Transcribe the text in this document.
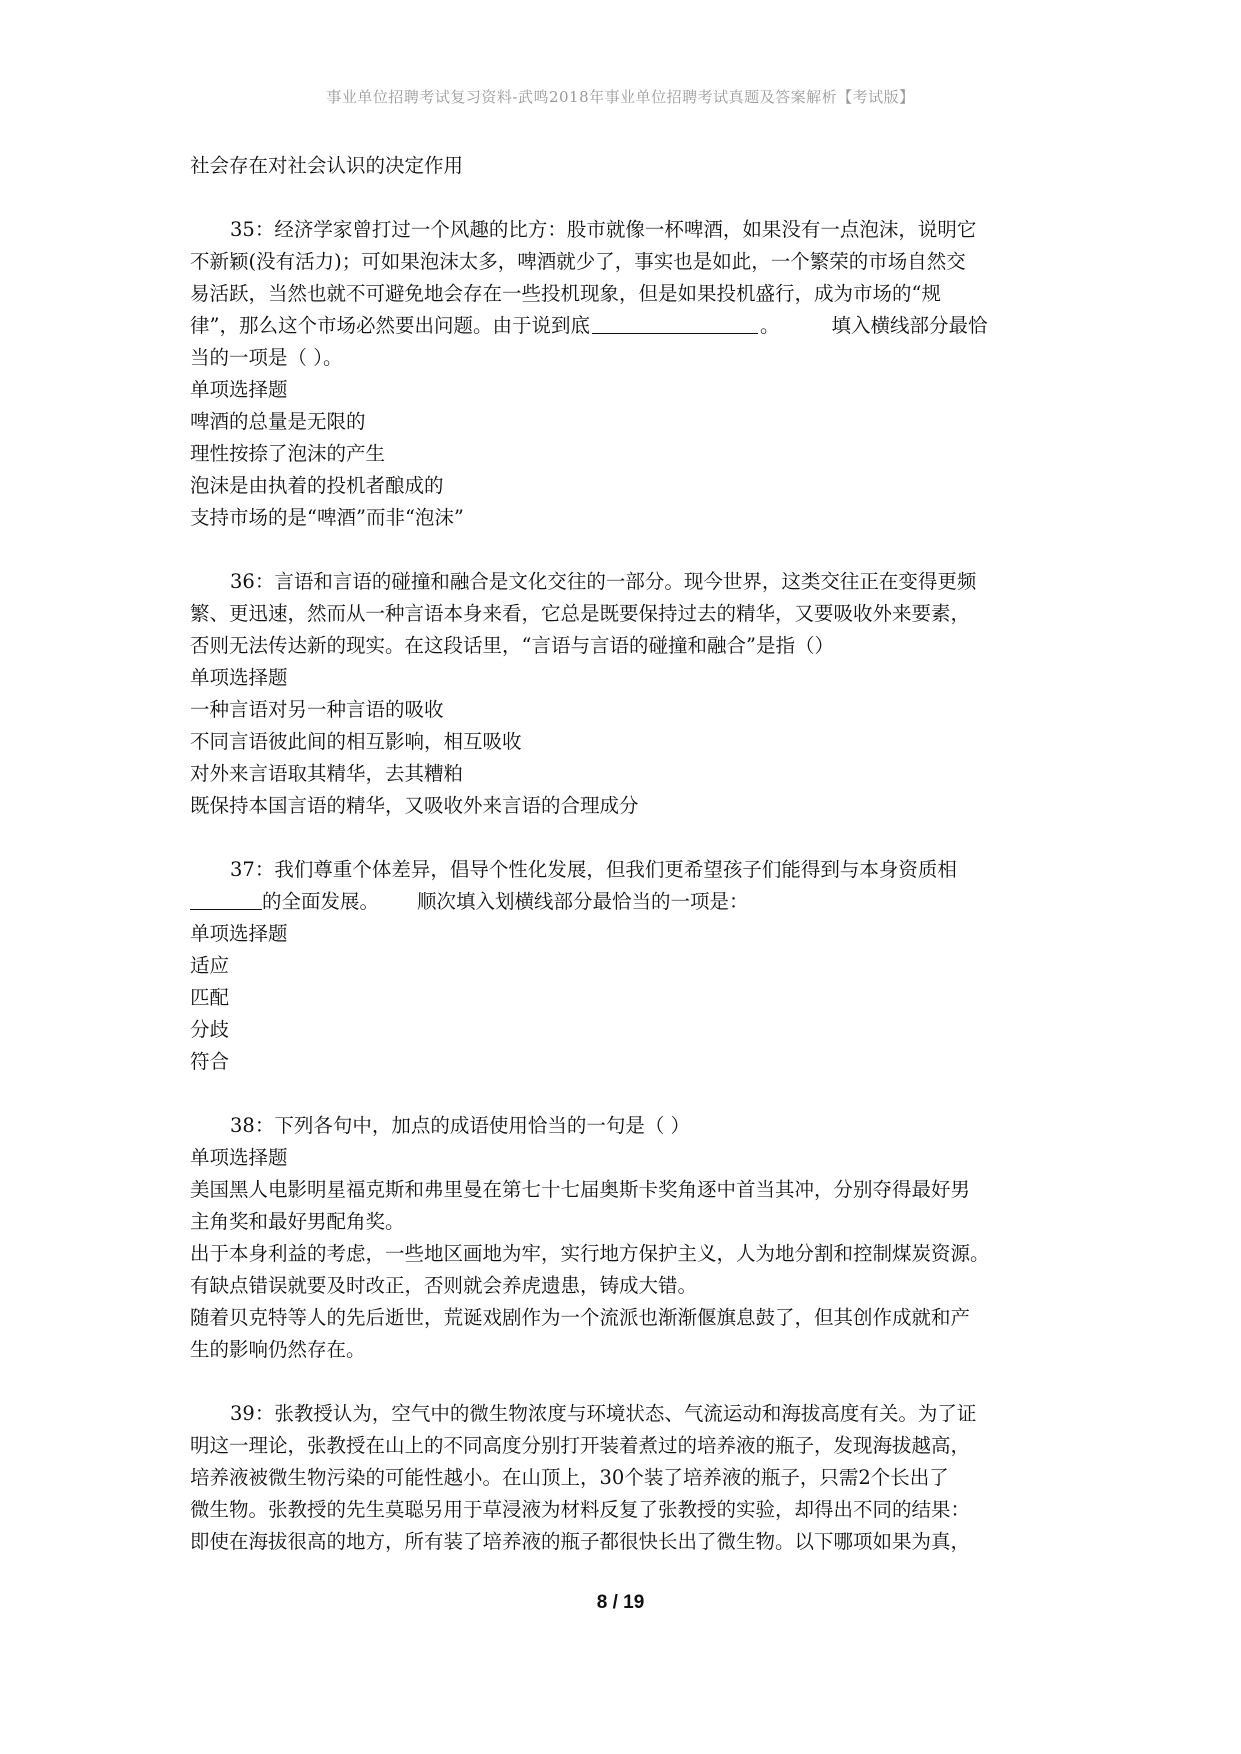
事业单位招聘考试复习资料-武鸣2018年事业单位招聘考试真题及答案解析【考试版】
社会存在对社会认识的决定作用
35：经济学家曾打过一个风趣的比方：股市就像一杯啤酒，如果没有一点泡沫，说明它
不新颖(没有活力)；可如果泡沫太多，啤酒就少了，事实也是如此，一个繁荣的市场自然交
易活跃，当然也就不可避免地会存在一些投机现象，但是如果投机盛行，成为市场的“规
律”，那么这个市场必然要出问题。由于说到底	。	填入横线部分最恰
当的一项是（ ）。
单项选择题
啤酒的总量是无限的
理性按捺了泡沫的产生
泡沫是由执着的投机者酿成的
支持市场的是“啤酒”而非“泡沫”
36：言语和言语的碰撞和融合是文化交往的一部分。现今世界，这类交往正在变得更频
繁、更迅速，然而从一种言语本身来看，它总是既要保持过去的精华，又要吸收外来要素，
否则无法传达新的现实。在这段话里，“言语与言语的碰撞和融合”是指（）
单项选择题
一种言语对另一种言语的吸收
不同言语彼此间的相互影响，相互吸收
对外来言语取其精华，去其糟粕
既保持本国言语的精华，又吸收外来言语的合理成分
37：我们尊重个体差异，倡导个性化发展，但我们更希望孩子们能得到与本身资质相
的全面发展。 顺次填入划横线部分最恰当的一项是：
单项选择题
适应
匹配
分歧
符合
38：下列各句中，加点的成语使用恰当的一句是（ ）
单项选择题
美国黑人电影明星福克斯和弗里曼在第七十七届奥斯卡奖角逐中首当其冲，分别夺得最好男
主角奖和最好男配角奖。
出于本身利益的考虑，一些地区画地为牢，实行地方保护主义，人为地分割和控制煤炭资源。
有缺点错误就要及时改正，否则就会养虎遗患，铸成大错。
随着贝克特等人的先后逝世，荒诞戏剧作为一个流派也渐渐偃旗息鼓了，但其创作成就和产
生的影响仍然存在。
39：张教授认为，空气中的微生物浓度与环境状态、气流运动和海拔高度有关。为了证
明这一理论，张教授在山上的不同高度分别打开装着煮过的培养液的瓶子，发现海拔越高，
培养液被微生物污染的可能性越小。在山顶上，30个装了培养液的瓶子，只需2个长出了
微生物。张教授的先生莫聪另用于草浸液为材料反复了张教授的实验，却得出不同的结果：
即使在海拔很高的地方，所有装了培养液的瓶子都很快长出了微生物。以下哪项如果为真，
8 / 19
